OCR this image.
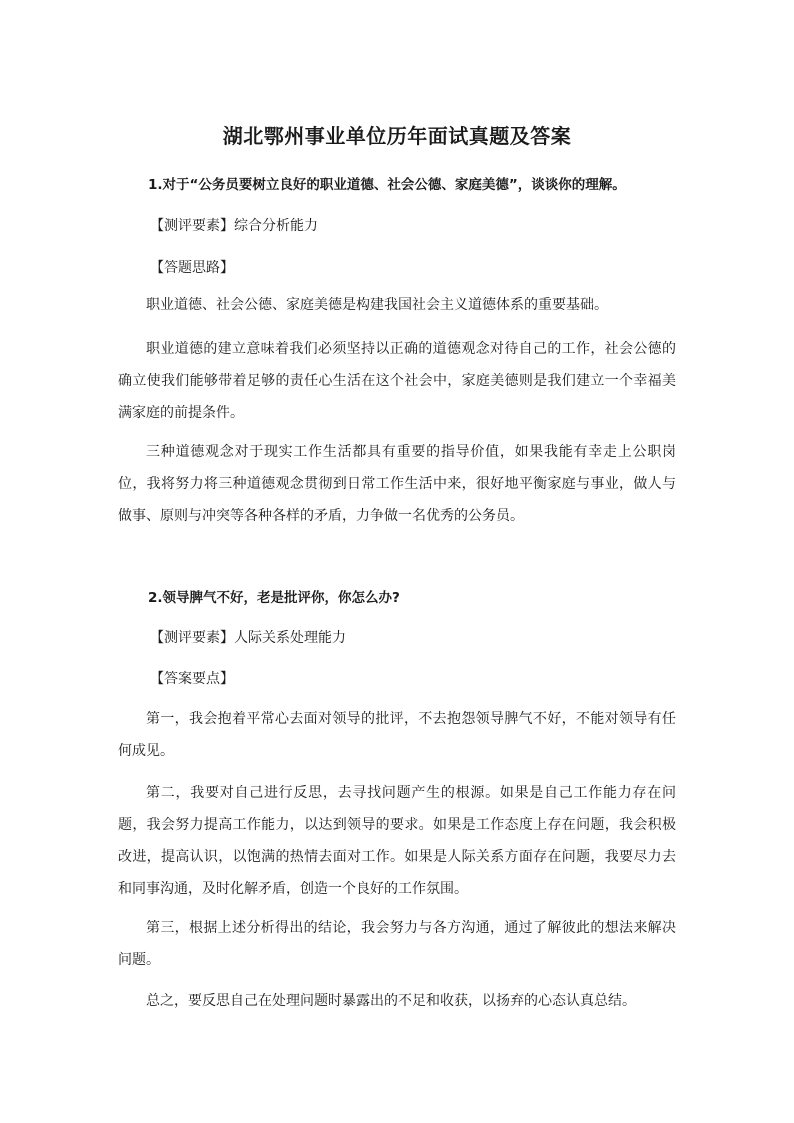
湖北鄂州事业单位历年面试真题及答案
1.对于“公务员要树立良好的职业道德、社会公德、家庭美德”，谈谈你的理解。
【测评要素】综合分析能力
【答题思路】
职业道德、社会公德、家庭美德是构建我国社会主义道德体系的重要基础。
职业道德的建立意味着我们必须坚持以正确的道德观念对待自己的工作，社会公德的确立使我们能够带着足够的责任心生活在这个社会中，家庭美德则是我们建立一个幸福美满家庭的前提条件。
三种道德观念对于现实工作生活都具有重要的指导价值，如果我能有幸走上公职岗位，我将努力将三种道德观念贯彻到日常工作生活中来，很好地平衡家庭与事业，做人与做事、原则与冲突等各种各样的矛盾，力争做一名优秀的公务员。
2.领导脾气不好，老是批评你，你怎么办?
【测评要素】人际关系处理能力
【答案要点】
第一，我会抱着平常心去面对领导的批评，不去抱怨领导脾气不好，不能对领导有任何成见。
第二，我要对自己进行反思，去寻找问题产生的根源。如果是自己工作能力存在问题，我会努力提高工作能力，以达到领导的要求。如果是工作态度上存在问题，我会积极改进，提高认识，以饱满的热情去面对工作。如果是人际关系方面存在问题，我要尽力去和同事沟通，及时化解矛盾，创造一个良好的工作氛围。
第三，根据上述分析得出的结论，我会努力与各方沟通，通过了解彼此的想法来解决问题。
总之，要反思自己在处理问题时暴露出的不足和收获，以扬弃的心态认真总结。
